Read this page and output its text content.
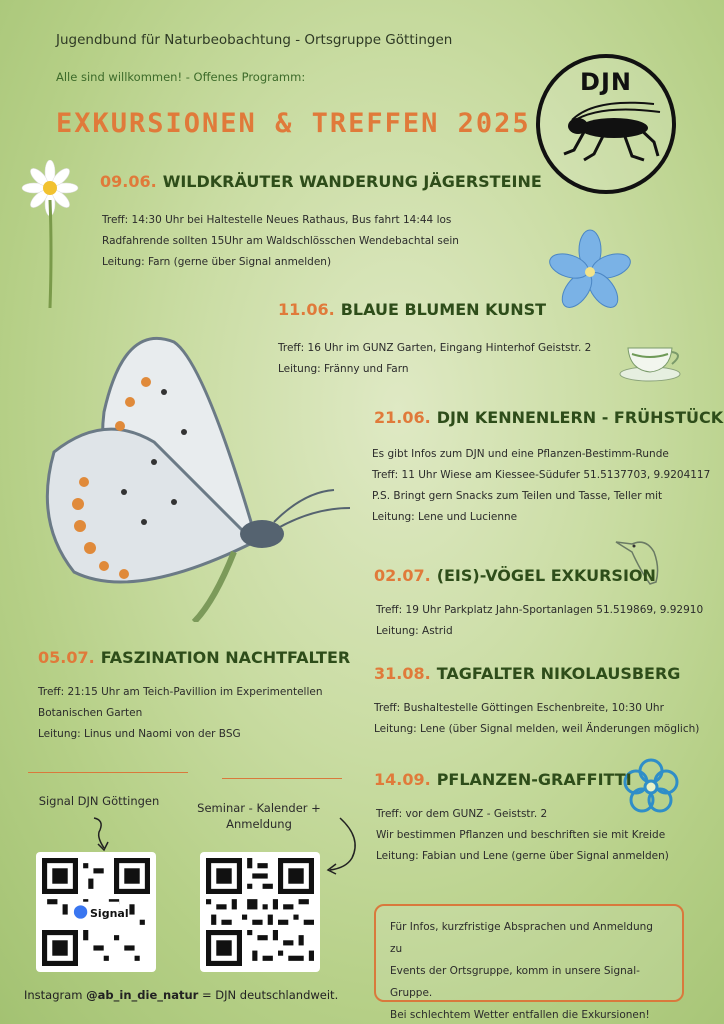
Jugendbund für Naturbeobachtung - Ortsgruppe Göttingen
Alle sind willkommen! - Offenes Programm:
EXKURSIONEN & TREFFEN 2025
DJN
09.06. WILDKRÄUTER WANDERUNG JÄGERSTEINE
Treff: 14:30 Uhr bei Haltestelle Neues Rathaus, Bus fahrt 14:44 los
Radfahrende sollten 15Uhr am Waldschlösschen Wendebachtal sein
Leitung: Farn (gerne über Signal anmelden)
11.06. BLAUE BLUMEN KUNST
Treff: 16 Uhr im GUNZ Garten, Eingang Hinterhof Geiststr. 2
Leitung: Fränny und Farn
21.06. DJN KENNENLERN - FRÜHSTÜCK
Es gibt Infos zum DJN und eine Pflanzen-Bestimm-Runde
Treff: 11 Uhr Wiese am Kiessee-Südufer 51.5137703, 9.9204117
P.S. Bringt gern Snacks zum Teilen und Tasse, Teller mit
Leitung: Lene und Lucienne
02.07. (EIS)-VÖGEL EXKURSION
Treff: 19 Uhr Parkplatz Jahn-Sportanlagen 51.519869, 9.92910
Leitung: Astrid
05.07. FASZINATION NACHTFALTER
Treff: 21:15 Uhr am Teich-Pavillion im Experimentellen
Botanischen Garten
Leitung: Linus und Naomi von der BSG
31.08. TAGFALTER NIKOLAUSBERG
Treff: Bushaltestelle Göttingen Eschenbreite, 10:30 Uhr
Leitung: Lene (über Signal melden, weil Änderungen möglich)
14.09. PFLANZEN-GRAFFITTI
Treff: vor dem GUNZ - Geiststr. 2
Wir bestimmen Pflanzen und beschriften sie mit Kreide
Leitung: Fabian und Lene (gerne über Signal anmelden)
Signal DJN Göttingen	Seminar - Kalender +
Anmeldung
Signal
Für Infos, kurzfristige Absprachen und Anmeldung zu
Events der Ortsgruppe, komm in unsere Signal-Gruppe.
Bei schlechtem Wetter entfallen die Exkursionen!
Instagram @ab_in_die_natur = DJN deutschlandweit.
